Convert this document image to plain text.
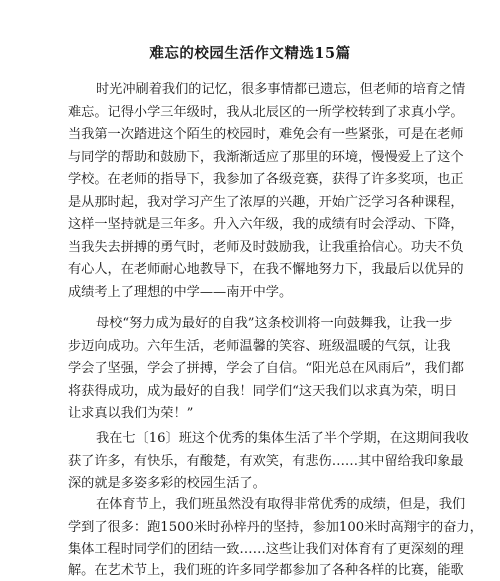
难忘的校园生活作文精选15篇
时光冲刷着我们的记忆，很多事情都已遗忘，但老师的培育之情
难忘。记得小学三年级时，我从北辰区的一所学校转到了求真小学。
当我第一次踏进这个陌生的校园时，难免会有一些紧张，可是在老师
与同学的帮助和鼓励下，我渐渐适应了那里的环境，慢慢爱上了这个
学校。在老师的指导下，我参加了各级竞赛，获得了许多奖项，也正
是从那时起，我对学习产生了浓厚的兴趣，开始广泛学习各种课程，
这样一坚持就是三年多。升入六年级，我的成绩有时会浮动、下降，
当我失去拼搏的勇气时，老师及时鼓励我，让我重拾信心。功夫不负
有心人，在老师耐心地教导下，在我不懈地努力下，我最后以优异的
成绩考上了理想的中学——南开中学。
母校“努力成为最好的自我”这条校训将一向鼓舞我，让我一步
步迈向成功。六年生活，老师温馨的笑容、班级温暖的气氛，让我
学会了坚强，学会了拼搏，学会了自信。“阳光总在风雨后”，我们都
将获得成功，成为最好的自我！同学们“这天我们以求真为荣，明日
让求真以我们为荣！”
我在七〔16〕班这个优秀的集体生活了半个学期，在这期间我收
获了许多，有快乐，有酸楚，有欢笑，有悲伤……其中留给我印象最
深的就是多姿多彩的校园生活了。
在体育节上，我们班虽然没有取得非常优秀的成绩，但是，我们
学到了很多：跑1500米时孙梓丹的坚持，参加100米时高翔宇的奋力，
集体工程时同学们的团结一致……这些让我们对体育有了更深刻的理
解。在艺术节上，我们班的许多同学都参加了各种各样的比赛，能歌
